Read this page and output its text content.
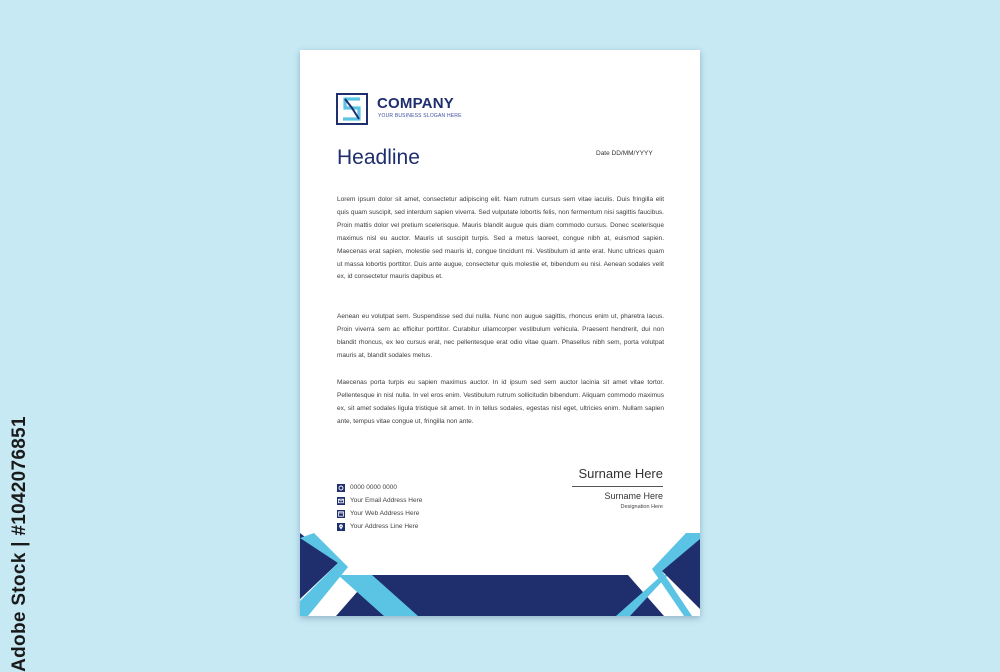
Adobe Stock | #1042076851
COMPANY
YOUR BUSINESS SLOGAN HERE
Headline	Date DD/MM/YYYY
Lorem ipsum dolor sit amet, consectetur adipiscing elit. Nam rutrum cursus sem vitae iaculis. Duis fringilla elit quis quam suscipit, sed interdum sapien viverra. Sed vulputate lobortis felis, non fermentum nisi sagittis faucibus. Proin mattis dolor vel pretium scelerisque. Mauris blandit augue quis diam commodo cursus. Donec scelerisque maximus nisl eu auctor. Mauris ut suscipit turpis. Sed a metus laoreet, congue nibh at, euismod sapien. Maecenas erat sapien, molestie sed mauris id, congue tincidunt mi. Vestibulum id ante erat. Nunc ultrices quam ut massa lobortis porttitor. Duis ante augue, consectetur quis molestie et, bibendum eu nisi. Aenean sodales velit ex, id consectetur mauris dapibus et.
Aenean eu volutpat sem. Suspendisse sed dui nulla. Nunc non augue sagittis, rhoncus enim ut, pharetra lacus. Proin viverra sem ac efficitur porttitor. Curabitur ullamcorper vestibulum vehicula. Praesent hendrerit, dui non blandit rhoncus, ex leo cursus erat, nec pellentesque erat odio vitae quam. Phasellus nibh sem, porta volutpat mauris at, blandit sodales metus.
Maecenas porta turpis eu sapien maximus auctor. In id ipsum sed sem auctor lacinia sit amet vitae tortor. Pellentesque in nisl nulla. In vel eros enim. Vestibulum rutrum sollicitudin bibendum. Aliquam commodo maximus ex, sit amet sodales ligula tristique sit amet. In in tellus sodales, egestas nisl eget, ultricies enim. Nullam sapien ante, tempus vitae congue ut, fringilla non ante.
Surname Here
Surname Here
Designation Here
0000 0000 0000
Your Email Address Here
Your Web Address Here
Your Address Line Here
